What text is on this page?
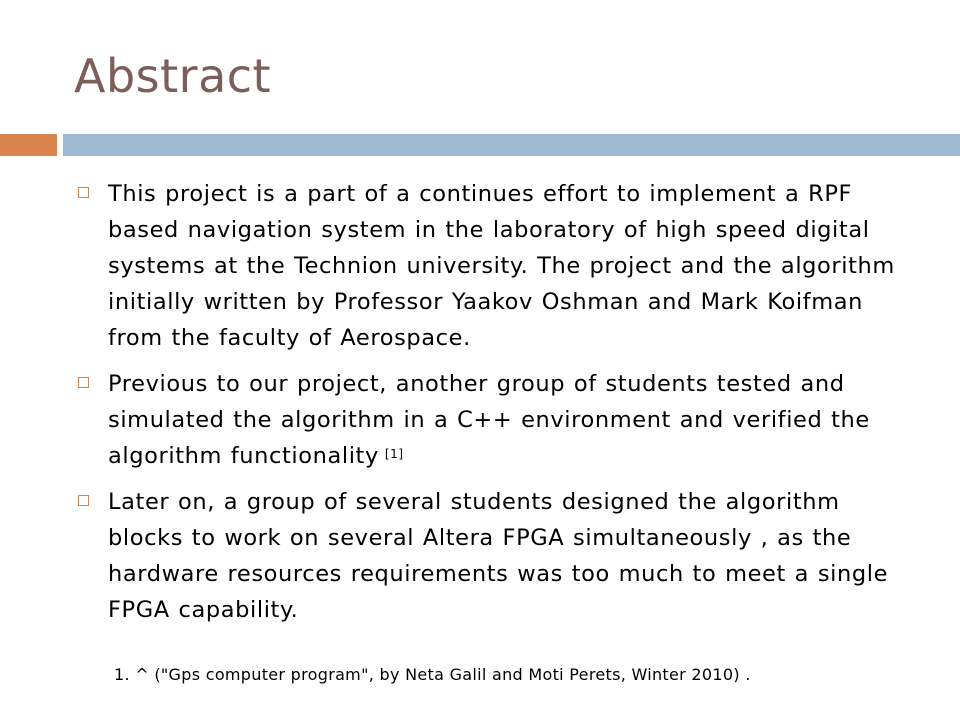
Abstract
This project is a part of a continues effort to implement a RPF based navigation system in the laboratory of high speed digital systems at the Technion university. The project and the algorithm initially written by Professor Yaakov Oshman and Mark Koifman from the faculty of Aerospace.
Previous to our project, another group of students tested and simulated the algorithm in a C++ environment and verified the algorithm functionality [1]
Later on, a group of several students designed the algorithm blocks to work on several Altera FPGA simultaneously , as the hardware resources requirements was too much to meet a single FPGA capability.
1. ^ ("Gps computer program", by Neta Galil and Moti Perets, Winter 2010) .
